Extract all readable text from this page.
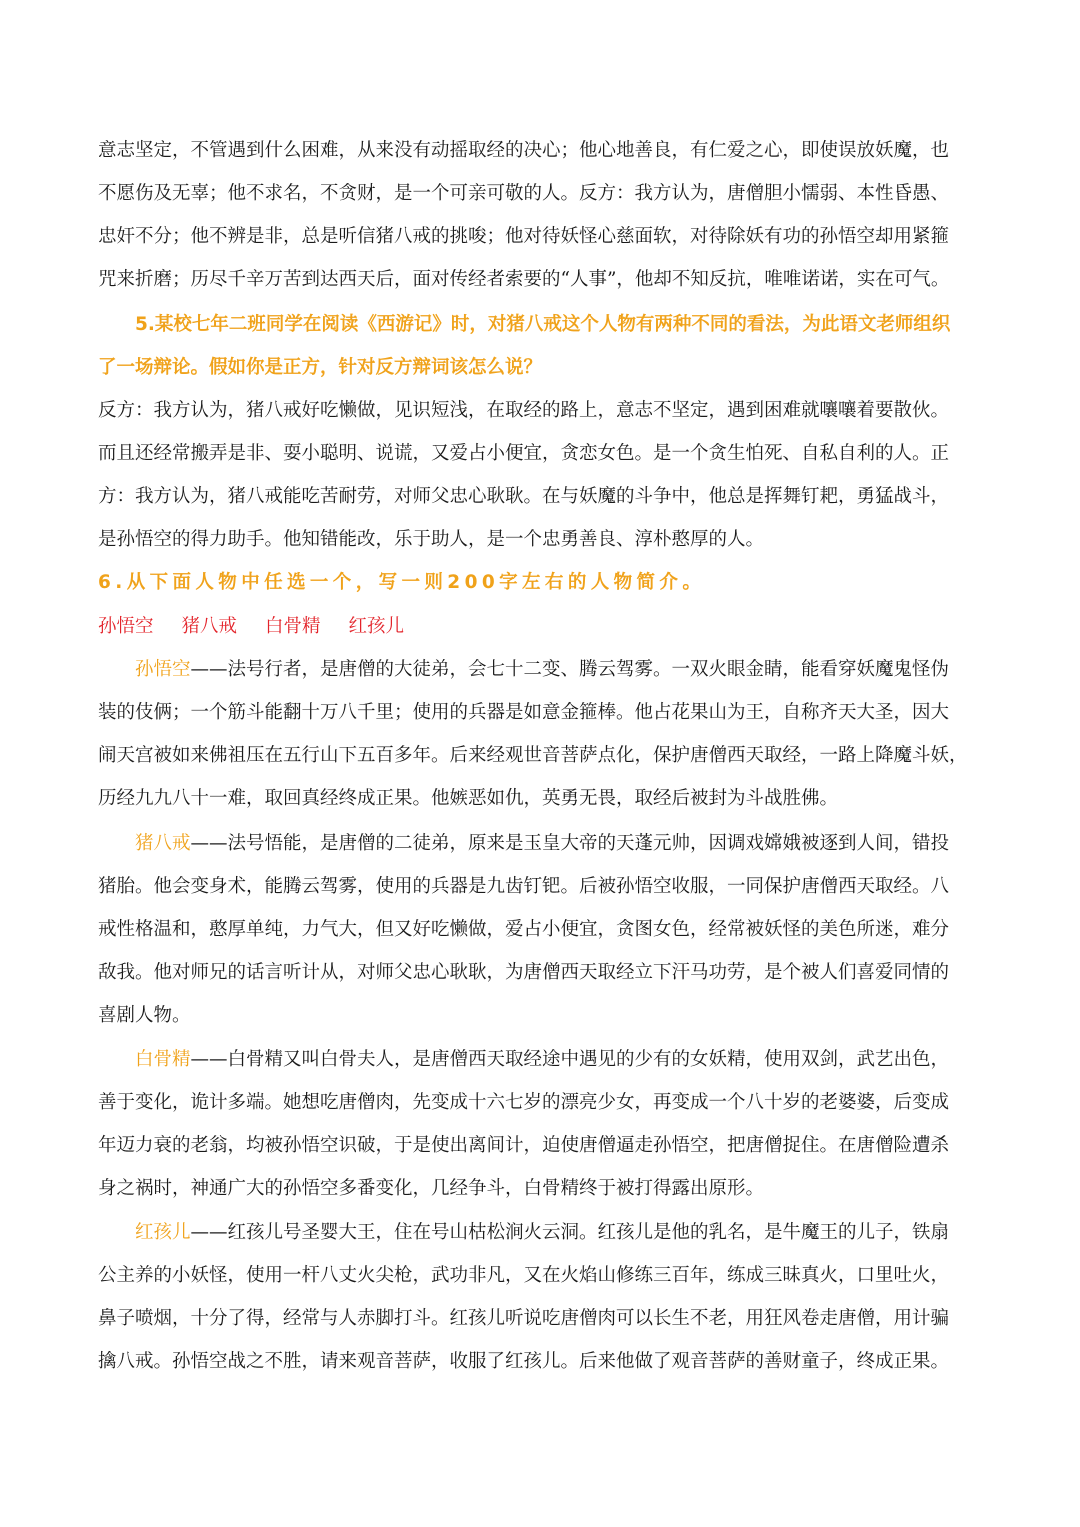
意志坚定，不管遇到什么困难，从来没有动摇取经的决心；他心地善良，有仁爱之心，即使误放妖魔，也
不愿伤及无辜；他不求名，不贪财，是一个可亲可敬的人。反方：我方认为，唐僧胆小懦弱、本性昏愚、
忠奸不分；他不辨是非，总是听信猪八戒的挑唆；他对待妖怪心慈面软，对待除妖有功的孙悟空却用紧箍
咒来折磨；历尽千辛万苦到达西天后，面对传经者索要的“人事”，他却不知反抗，唯唯诺诺，实在可气。
5.某校七年二班同学在阅读《西游记》时，对猪八戒这个人物有两种不同的看法，为此语文老师组织
了一场辩论。假如你是正方，针对反方辩词该怎么说？
反方：我方认为，猪八戒好吃懒做，见识短浅，在取经的路上，意志不坚定，遇到困难就嚷嚷着要散伙。
而且还经常搬弄是非、耍小聪明、说谎，又爱占小便宜，贪恋女色。是一个贪生怕死、自私自利的人。正
方：我方认为，猪八戒能吃苦耐劳，对师父忠心耿耿。在与妖魔的斗争中，他总是挥舞钉耙，勇猛战斗，
是孙悟空的得力助手。他知错能改，乐于助人，是一个忠勇善良、淳朴憨厚的人。
6.从下面人物中任选一个，写一则200字左右的人物简介。
孙悟空 猪八戒 白骨精 红孩儿
孙悟空——法号行者，是唐僧的大徒弟，会七十二变、腾云驾雾。一双火眼金睛，能看穿妖魔鬼怪伪
装的伎俩；一个筋斗能翻十万八千里；使用的兵器是如意金箍棒。他占花果山为王，自称齐天大圣，因大
闹天宫被如来佛祖压在五行山下五百多年。后来经观世音菩萨点化，保护唐僧西天取经，一路上降魔斗妖，
历经九九八十一难，取回真经终成正果。他嫉恶如仇，英勇无畏，取经后被封为斗战胜佛。
猪八戒——法号悟能，是唐僧的二徒弟，原来是玉皇大帝的天蓬元帅，因调戏嫦娥被逐到人间，错投
猪胎。他会变身术，能腾云驾雾，使用的兵器是九齿钉钯。后被孙悟空收服，一同保护唐僧西天取经。八
戒性格温和，憨厚单纯，力气大，但又好吃懒做，爱占小便宜，贪图女色，经常被妖怪的美色所迷，难分
敌我。他对师兄的话言听计从，对师父忠心耿耿，为唐僧西天取经立下汗马功劳，是个被人们喜爱同情的
喜剧人物。
白骨精——白骨精又叫白骨夫人，是唐僧西天取经途中遇见的少有的女妖精，使用双剑，武艺出色，
善于变化，诡计多端。她想吃唐僧肉，先变成十六七岁的漂亮少女，再变成一个八十岁的老婆婆，后变成
年迈力衰的老翁，均被孙悟空识破，于是使出离间计，迫使唐僧逼走孙悟空，把唐僧捉住。在唐僧险遭杀
身之祸时，神通广大的孙悟空多番变化，几经争斗，白骨精终于被打得露出原形。
红孩儿——红孩儿号圣婴大王，住在号山枯松涧火云洞。红孩儿是他的乳名，是牛魔王的儿子，铁扇
公主养的小妖怪，使用一杆八丈火尖枪，武功非凡，又在火焰山修练三百年，练成三昧真火，口里吐火，
鼻子喷烟，十分了得，经常与人赤脚打斗。红孩儿听说吃唐僧肉可以长生不老，用狂风卷走唐僧，用计骗
擒八戒。孙悟空战之不胜，请来观音菩萨，收服了红孩儿。后来他做了观音菩萨的善财童子，终成正果。
